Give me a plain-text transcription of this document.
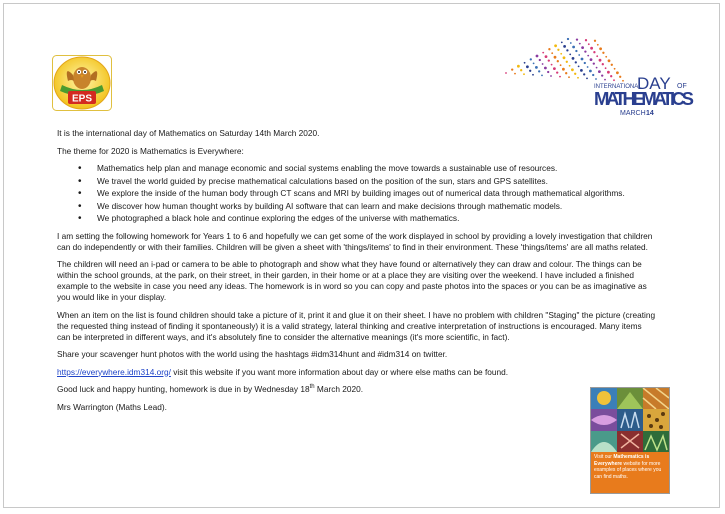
EPS
INTERNATIONAL
DAY OF
MATHEMATICS
MARCH 14

It is the international day of Mathematics on Saturday 14th March 2020.

The theme for 2020 is Mathematics is Everywhere:

• Mathematics help plan and manage economic and social systems enabling the move towards a sustainable use of resources.
• We travel the world guided by precise mathematical calculations based on the position of the sun, stars and GPS satellites.
• We explore the inside of the human body through CT scans and MRI by building images out of numerical data through mathematical algorithms.
• We discover how human thought works by building AI software that can learn and make decisions through mathematic models.
• We photographed a black hole and continue exploring the edges of the universe with mathematics.

I am setting the following homework for Years 1 to 6 and hopefully we can get some of the work displayed in school by providing a lovely investigation that children can do independently or with their families. Children will be given a sheet with 'things/items' to find in their environment. These 'things/items' are all maths related.

The children will need an i-pad or camera to be able to photograph and show what they have found or alternatively they can draw and colour. The things can be within the school grounds, at the park, on their street, in their garden, in their home or at a place they are visiting over the weekend. I have included a finished example to the website in case you need any ideas. The homework is in word so you can copy and paste photos into the spaces or you can be as imaginative as you would like in your display.

When an item on the list is found children should take a picture of it, print it and glue it on their sheet. I have no problem with children "Staging" the picture (creating the requested thing instead of finding it spontaneously) it is a valid strategy, lateral thinking and creative interpretation of instructions is encouraged. Many items can be interpreted in different ways, and it's absolutely fine to consider the alternative meanings (it's more scientific, in fact).

Share your scavenger hunt photos with the world using the hashtags #idm314hunt and #idm314 on twitter.

https://everywhere.idm314.org/ visit this website if you want more information about day or where else maths can be found.

Good luck and happy hunting, homework is due in by Wednesday 18th March 2020.

Mrs Warrington (Maths Lead).

Visit our Mathematics is Everywhere website for more examples of places where you can find maths.
